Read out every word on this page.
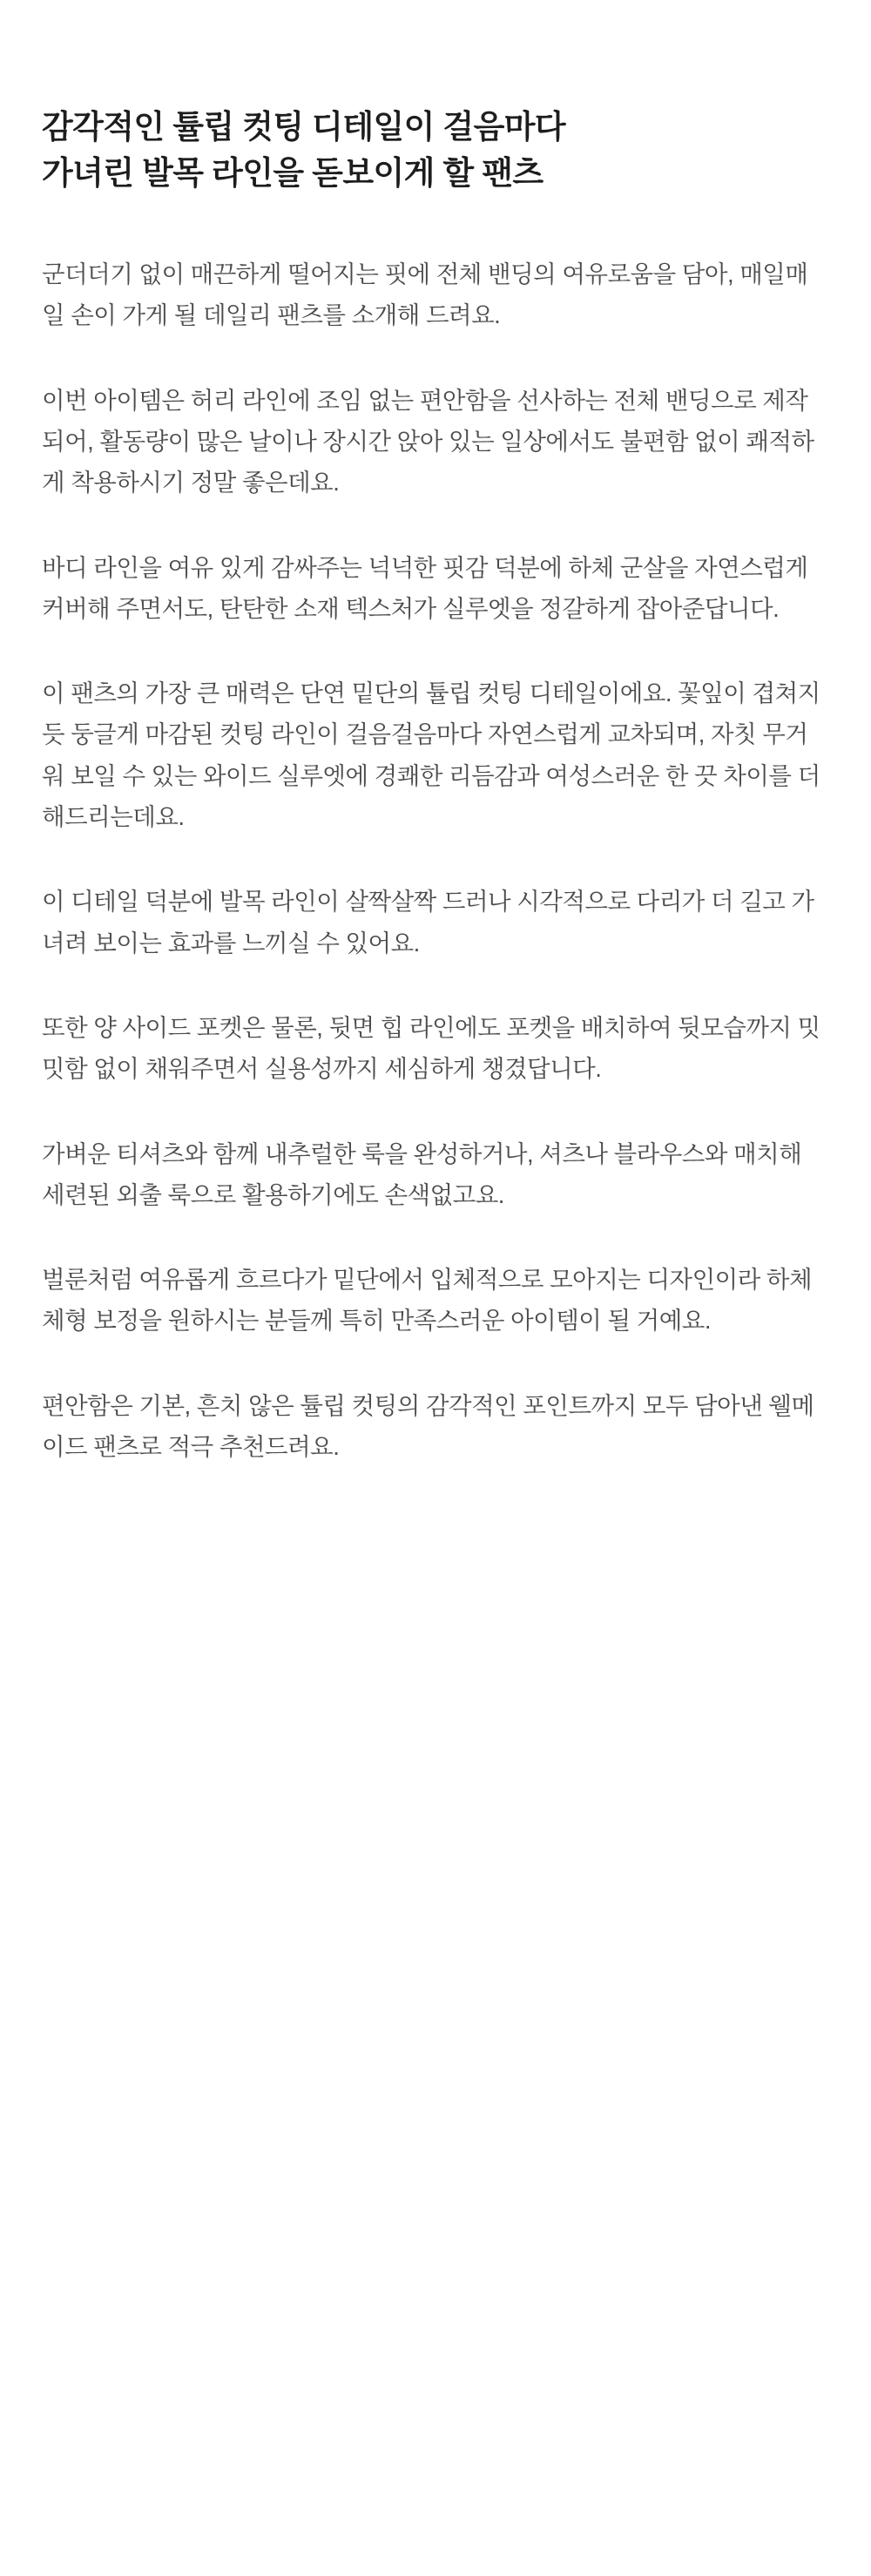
감각적인 튤립 컷팅 디테일이 걸음마다
가녀린 발목 라인을 돋보이게 할 팬츠

군더더기 없이 매끈하게 떨어지는 핏에 전체 밴딩의 여유로움을 담아, 매일매일 손이 가게 될 데일리 팬츠를 소개해 드려요.

이번 아이템은 허리 라인에 조임 없는 편안함을 선사하는 전체 밴딩으로 제작되어, 활동량이 많은 날이나 장시간 앉아 있는 일상에서도 불편함 없이 쾌적하게 착용하시기 정말 좋은데요.

바디 라인을 여유 있게 감싸주는 넉넉한 핏감 덕분에 하체 군살을 자연스럽게 커버해 주면서도, 탄탄한 소재 텍스처가 실루엣을 정갈하게 잡아준답니다.

이 팬츠의 가장 큰 매력은 단연 밑단의 튤립 컷팅 디테일이에요. 꽃잎이 겹쳐지듯 둥글게 마감된 컷팅 라인이 걸음걸음마다 자연스럽게 교차되며, 자칫 무거워 보일 수 있는 와이드 실루엣에 경쾌한 리듬감과 여성스러운 한 끗 차이를 더해드리는데요.

이 디테일 덕분에 발목 라인이 살짝살짝 드러나 시각적으로 다리가 더 길고 가녀려 보이는 효과를 느끼실 수 있어요.

또한 양 사이드 포켓은 물론, 뒷면 힙 라인에도 포켓을 배치하여 뒷모습까지 밋밋함 없이 채워주면서 실용성까지 세심하게 챙겼답니다.

가벼운 티셔츠와 함께 내추럴한 룩을 완성하거나, 셔츠나 블라우스와 매치해 세련된 외출 룩으로 활용하기에도 손색없고요.

벌룬처럼 여유롭게 흐르다가 밑단에서 입체적으로 모아지는 디자인이라 하체 체형 보정을 원하시는 분들께 특히 만족스러운 아이템이 될 거예요.

편안함은 기본, 흔치 않은 튤립 컷팅의 감각적인 포인트까지 모두 담아낸 웰메이드 팬츠로 적극 추천드려요.
